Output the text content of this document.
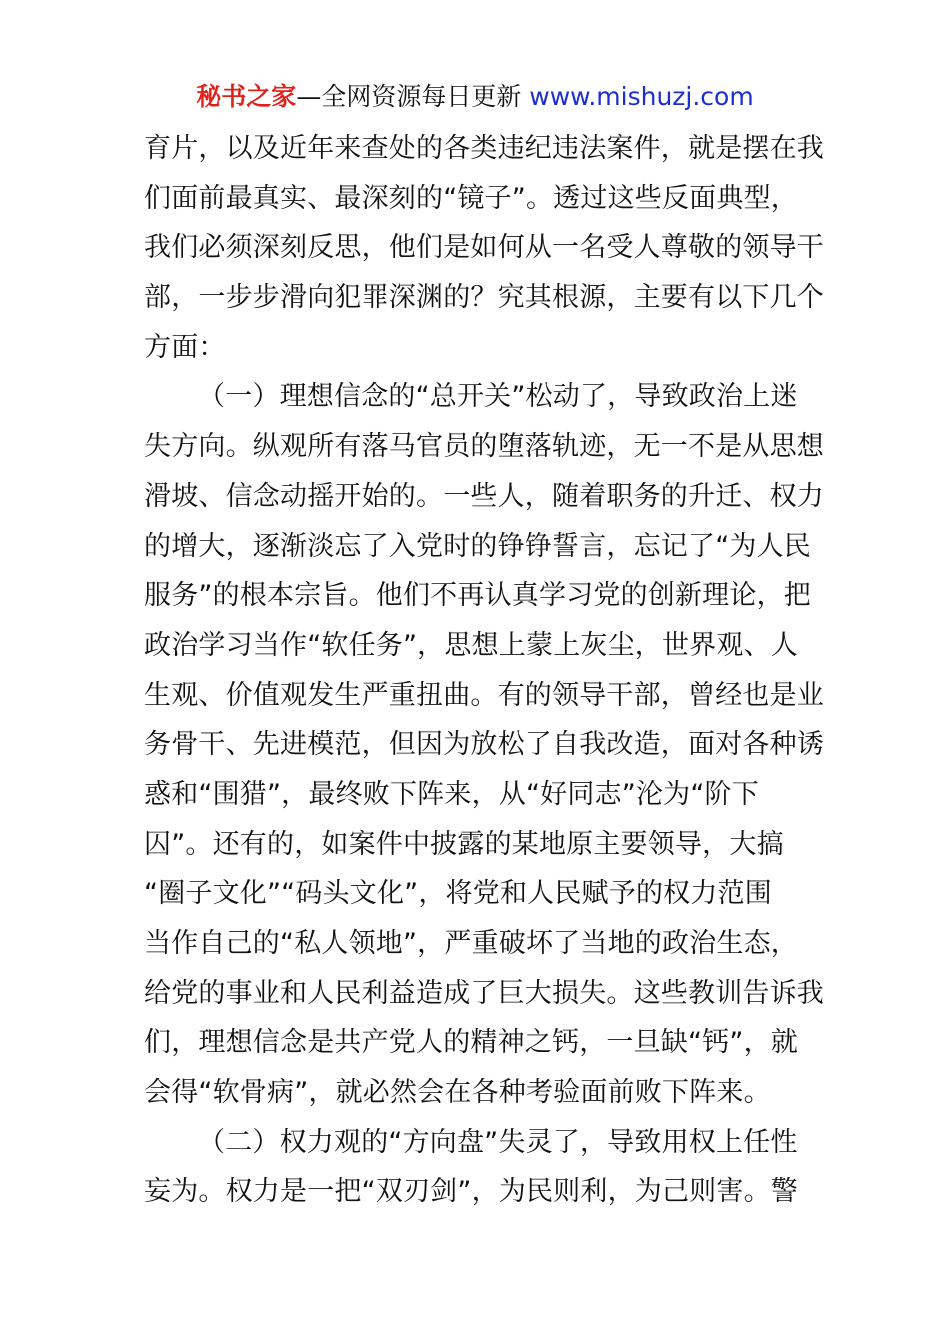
秘书之家—全网资源每日更新 www.mishuzj.com
育片，以及近年来查处的各类违纪违法案件，就是摆在我
们面前最真实、最深刻的“镜子”。透过这些反面典型，
我们必须深刻反思，他们是如何从一名受人尊敬的领导干
部，一步步滑向犯罪深渊的？究其根源，主要有以下几个
方面：
（一）理想信念的“总开关”松动了，导致政治上迷
失方向。纵观所有落马官员的堕落轨迹，无一不是从思想
滑坡、信念动摇开始的。一些人，随着职务的升迁、权力
的增大，逐渐淡忘了入党时的铮铮誓言，忘记了“为人民
服务”的根本宗旨。他们不再认真学习党的创新理论，把
政治学习当作“软任务”，思想上蒙上灰尘，世界观、人
生观、价值观发生严重扭曲。有的领导干部，曾经也是业
务骨干、先进模范，但因为放松了自我改造，面对各种诱
惑和“围猎”，最终败下阵来，从“好同志”沦为“阶下
囚”。还有的，如案件中披露的某地原主要领导，大搞
“圈子文化”“码头文化”，将党和人民赋予的权力范围
当作自己的“私人领地”，严重破坏了当地的政治生态，
给党的事业和人民利益造成了巨大损失。这些教训告诉我
们，理想信念是共产党人的精神之钙，一旦缺“钙”，就
会得“软骨病”，就必然会在各种考验面前败下阵来。
（二）权力观的“方向盘”失灵了，导致用权上任性
妄为。权力是一把“双刃剑”，为民则利，为己则害。警
